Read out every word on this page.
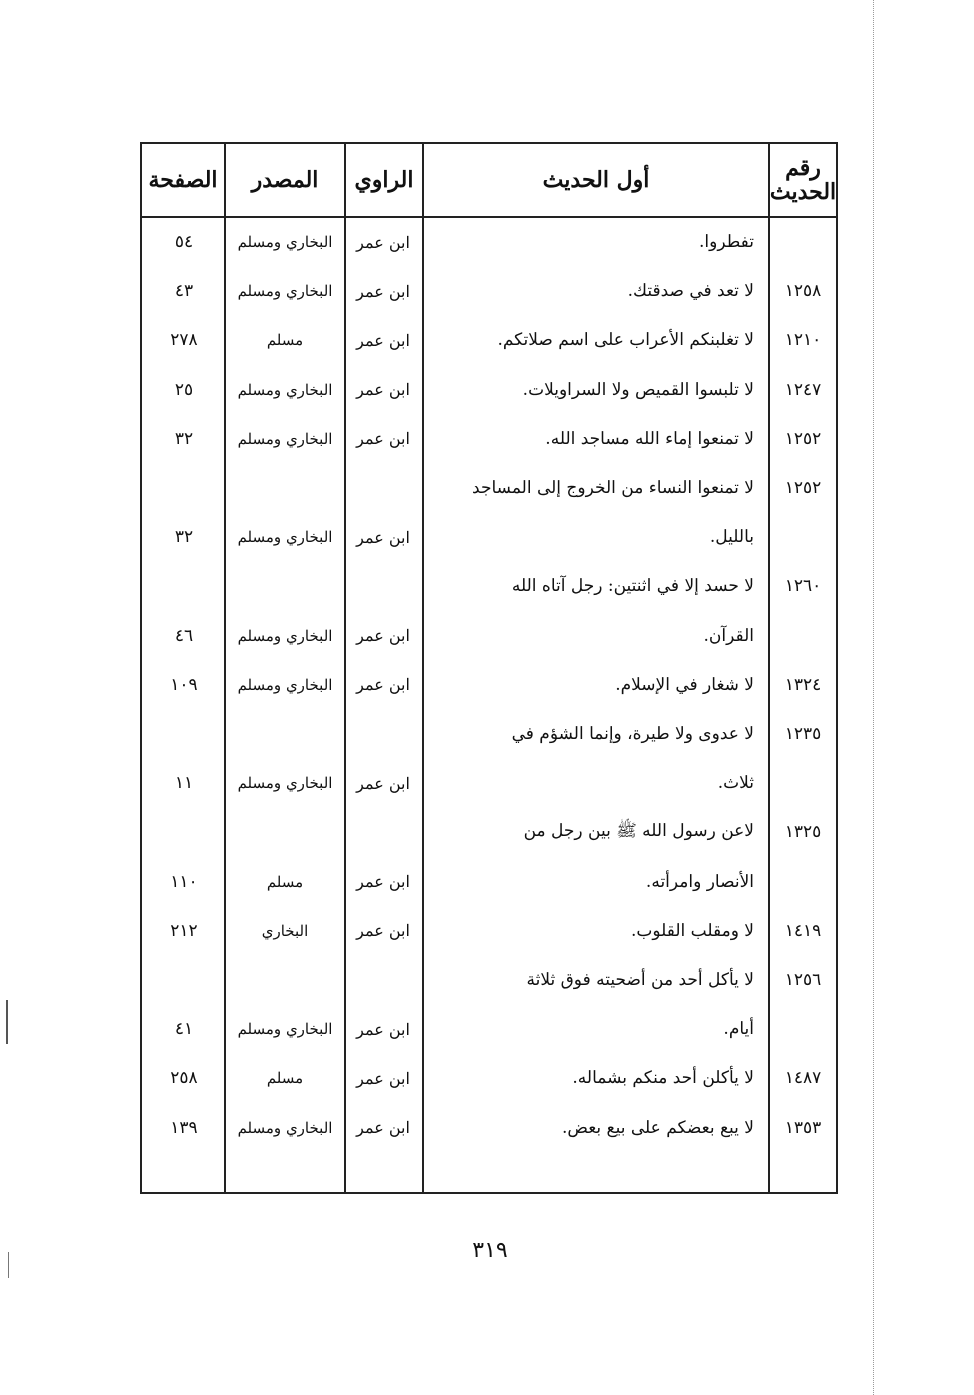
رقم الحديث
أول الحديث
الراوي
المصدر
الصفحة
تفطروا.
ابن عمر
البخاري ومسلم
٥٤
١٢٥٨
لا تعد في صدقتك.
ابن عمر
البخاري ومسلم
٤٣
١٢١٠
لا تغلبنكم الأعراب على اسم صلاتكم.
ابن عمر
مسلم
٢٧٨
١٢٤٧
لا تلبسوا القميص ولا السراويلات.
ابن عمر
البخاري ومسلم
٢٥
١٢٥٢
لا تمنعوا إماء الله مساجد الله.
ابن عمر
البخاري ومسلم
٣٢
١٢٥٢
لا تمنعوا النساء من الخروج إلى المساجد
بالليل.
ابن عمر
البخاري ومسلم
٣٢
١٢٦٠
لا حسد إلا في اثنتين: رجل آتاه الله
القرآن.
ابن عمر
البخاري ومسلم
٤٦
١٣٢٤
لا شغار في الإسلام.
ابن عمر
البخاري ومسلم
١٠٩
١٢٣٥
لا عدوى ولا طيرة، وإنما الشؤم في
ثلاث.
ابن عمر
البخاري ومسلم
١١
١٣٢٥
لاعن رسول الله ﷺ بين رجل من
الأنصار وامرأته.
ابن عمر
مسلم
١١٠
١٤١٩
لا ومقلب القلوب.
ابن عمر
البخاري
٢١٢
١٢٥٦
لا يأكل أحد من أضحيته فوق ثلاثة
أيام.
ابن عمر
البخاري ومسلم
٤١
١٤٨٧
لا يأكلن أحد منكم بشماله.
ابن عمر
مسلم
٢٥٨
١٣٥٣
لا يبع بعضكم على بيع بعض.
ابن عمر
البخاري ومسلم
١٣٩
٣١٩
